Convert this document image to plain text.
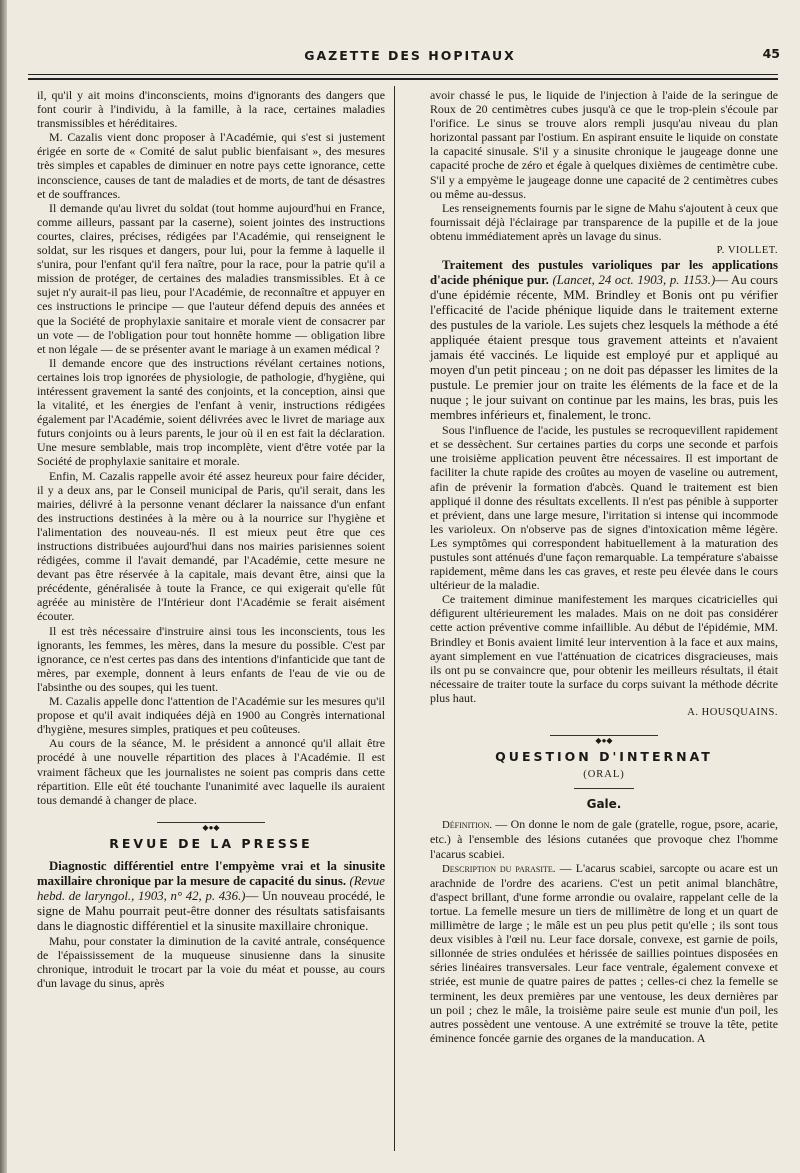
GAZETTE DES HOPITAUX	45

il, qu'il y ait moins d'inconscients, moins d'ignorants des dangers que font courir à l'individu, à la famille, à la race, certaines maladies transmissibles et héréditaires.

M. Cazalis vient donc proposer à l'Académie, qui s'est si justement érigée en sorte de « Comité de salut public bienfaisant », des mesures très simples et capables de diminuer en notre pays cette ignorance, cette inconscience, causes de tant de maladies et de morts, de tant de désastres et de souffrances.

Il demande qu'au livret du soldat (tout homme aujourd'hui en France, comme ailleurs, passant par la caserne), soient jointes des instructions courtes, claires, précises, rédigées par l'Académie, qui renseignent le soldat, sur les risques et dangers, pour lui, pour la femme à laquelle il s'unira, pour l'enfant qu'il fera naître, pour la race, pour la patrie qu'il a mission de protéger, de certaines des maladies transmissibles. Et à ce sujet n'y aurait-il pas lieu, pour l'Académie, de reconnaître et appuyer en ces instructions le principe — que l'auteur défend depuis des années et que la Société de prophylaxie sanitaire et morale vient de consacrer par un vote — de l'obligation pour tout honnête homme — obligation libre et non légale — de se présenter avant le mariage à un examen médical ?

Il demande encore que des instructions révélant certaines notions, certaines lois trop ignorées de physiologie, de pathologie, d'hygiène, qui intéressent gravement la santé des conjoints, et la conception, ainsi que la vitalité, et les énergies de l'enfant à venir, instructions rédigées également par l'Académie, soient délivrées avec le livret de mariage aux futurs conjoints ou à leurs parents, le jour où il en est fait la déclaration. Une mesure semblable, mais trop incomplète, vient d'être votée par la Société de prophylaxie sanitaire et morale.

Enfin, M. Cazalis rappelle avoir été assez heureux pour faire décider, il y a deux ans, par le Conseil municipal de Paris, qu'il serait, dans les mairies, délivré à la personne venant déclarer la naissance d'un enfant des instructions destinées à la mère ou à la nourrice sur l'hygiène et l'alimentation des nouveau-nés. Il est mieux peut être que ces instructions distribuées aujourd'hui dans nos mairies parisiennes soient rédigées, comme il l'avait demandé, par l'Académie, cette mesure ne devant pas être réservée à la capitale, mais devant être, ainsi que la précédente, généralisée à toute la France, ce qui exigerait qu'elle fût agréée au ministère de l'Intérieur dont l'Académie se ferait aisément écouter.

Il est très nécessaire d'instruire ainsi tous les inconscients, tous les ignorants, les femmes, les mères, dans la mesure du possible. C'est par ignorance, ce n'est certes pas dans des intentions d'infanticide que tant de mères, par exemple, donnent à leurs enfants de l'eau de vie ou de l'absinthe ou des soupes, qui les tuent.

M. Cazalis appelle donc l'attention de l'Académie sur les mesures qu'il propose et qu'il avait indiquées déjà en 1900 au Congrès international d'hygiène, mesures simples, pratiques et peu coûteuses.

Au cours de la séance, M. le président a annoncé qu'il allait être procédé à une nouvelle répartition des places à l'Académie. Il est vraiment fâcheux que les journalistes ne soient pas compris dans cette répartition. Elle eût été touchante l'unanimité avec laquelle ils auraient tous demandé à changer de place.

◆●◆
REVUE DE LA PRESSE

Diagnostic différentiel entre l'empyème vrai et la sinusite maxillaire chronique par la mesure de capacité du sinus. (Revue hebd. de laryngol., 1903, n° 42, p. 436.)— Un nouveau procédé, le signe de Mahu pourrait peut-être donner des résultats satisfaisants dans le diagnostic différentiel et la sinusite maxillaire chronique.

Mahu, pour constater la diminution de la cavité antrale, conséquence de l'épaississement de la muqueuse sinusienne dans la sinusite chronique, introduit le trocart par la voie du méat et pousse, au cours d'un lavage du sinus, après

avoir chassé le pus, le liquide de l'injection à l'aide de la seringue de Roux de 20 centimètres cubes jusqu'à ce que le trop-plein s'écoule par l'orifice. Le sinus se trouve alors rempli jusqu'au niveau du plan horizontal passant par l'ostium. En aspirant ensuite le liquide on constate la capacité sinusale. S'il y a sinusite chronique le jaugeage donne une capacité proche de zéro et égale à quelques dixièmes de centimètre cube. S'il y a empyème le jaugeage donne une capacité de 2 centimètres cubes ou même au-dessus.

Les renseignements fournis par le signe de Mahu s'ajoutent à ceux que fournissait déjà l'éclairage par transparence de la pupille et de la joue obtenu immédiatement après un lavage du sinus.

P. VIOLLET.

Traitement des pustules varioliques par les applications d'acide phénique pur. (Lancet, 24 oct. 1903, p. 1153.)— Au cours d'une épidémie récente, MM. Brindley et Bonis ont pu vérifier l'efficacité de l'acide phénique liquide dans le traitement externe des pustules de la variole. Les sujets chez lesquels la méthode a été appliquée étaient presque tous gravement atteints et n'avaient jamais été vaccinés. Le liquide est employé pur et appliqué au moyen d'un petit pinceau ; on ne doit pas dépasser les limites de la pustule. Le premier jour on traite les éléments de la face et de la nuque ; le jour suivant on continue par les mains, les bras, puis les membres inférieurs et, finalement, le tronc.

Sous l'influence de l'acide, les pustules se recroquevillent rapidement et se dessèchent. Sur certaines parties du corps une seconde et parfois une troisième application peuvent être nécessaires. Il est important de faciliter la chute rapide des croûtes au moyen de vaseline ou autrement, afin de prévenir la formation d'abcès. Quand le traitement est bien appliqué il donne des résultats excellents. Il n'est pas pénible à supporter et prévient, dans une large mesure, l'irritation si intense qui incommode les varioleux. On n'observe pas de signes d'intoxication même légère. Les symptômes qui correspondent habituellement à la maturation des pustules sont atténués d'une façon remarquable. La température s'abaisse rapidement, même dans les cas graves, et reste peu élevée dans le cours ultérieur de la maladie.

Ce traitement diminue manifestement les marques cicatricielles qui défigurent ultérieurement les malades. Mais on ne doit pas considérer cette action préventive comme infaillible. Au début de l'épidémie, MM. Brindley et Bonis avaient limité leur intervention à la face et aux mains, ayant simplement en vue l'atténuation de cicatrices disgracieuses, mais ils ont pu se convaincre que, pour obtenir les meilleurs résultats, il était nécessaire de traiter toute la surface du corps suivant la méthode décrite plus haut.

A. HOUSQUAINS.
◆●◆
QUESTION D'INTERNAT
(ORAL)
Gale.

Définition. — On donne le nom de gale (gratelle, rogue, psore, acarie, etc.) à l'ensemble des lésions cutanées que provoque chez l'homme l'acarus scabiei.

Description du parasite. — L'acarus scabiei, sarcopte ou acare est un arachnide de l'ordre des acariens. C'est un petit animal blanchâtre, d'aspect brillant, d'une forme arrondie ou ovalaire, rappelant celle de la tortue. La femelle mesure un tiers de millimètre de long et un quart de millimètre de large ; le mâle est un peu plus petit qu'elle ; ils sont tous deux visibles à l'œil nu. Leur face dorsale, convexe, est garnie de poils, sillonnée de stries ondulées et hérissée de saillies pointues disposées en séries linéaires transversales. Leur face ventrale, également convexe et striée, est munie de quatre paires de pattes ; celles-ci chez la femelle se terminent, les deux premières par une ventouse, les deux dernières par un poil ; chez le mâle, la troisième paire seule est munie d'un poil, les autres possèdent une ventouse. A une extrémité se trouve la tête, petite éminence foncée garnie des organes de la manducation. A
